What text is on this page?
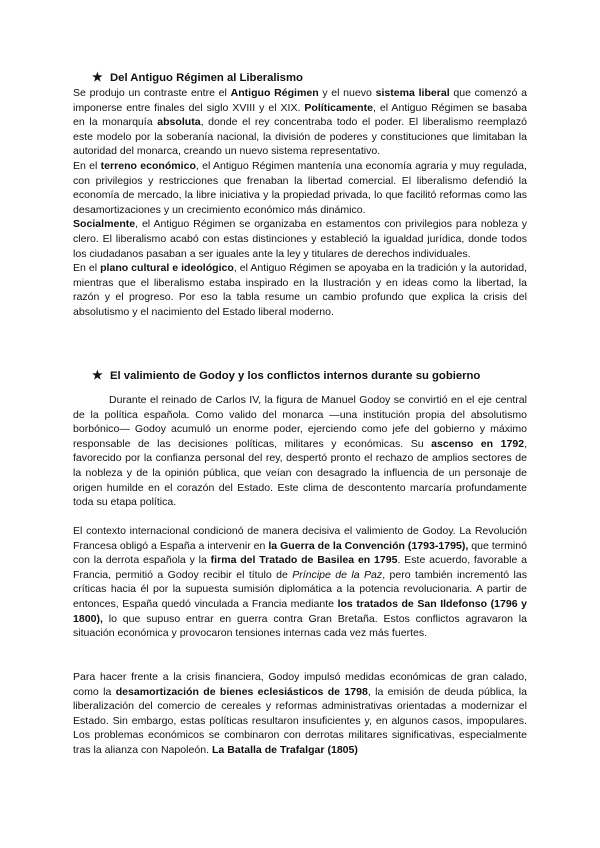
★ Del Antiguo Régimen al Liberalismo

Se produjo un contraste entre el Antiguo Régimen y el nuevo sistema liberal que comenzó a imponerse entre finales del siglo XVIII y el XIX. Políticamente, el Antiguo Régimen se basaba en la monarquía absoluta, donde el rey concentraba todo el poder. El liberalismo reemplazó este modelo por la soberanía nacional, la división de poderes y constituciones que limitaban la autoridad del monarca, creando un nuevo sistema representativo.

En el terreno económico, el Antiguo Régimen mantenía una economía agraria y muy regulada, con privilegios y restricciones que frenaban la libertad comercial. El liberalismo defendió la economía de mercado, la libre iniciativa y la propiedad privada, lo que facilitó reformas como las desamortizaciones y un crecimiento económico más dinámico.

Socialmente, el Antiguo Régimen se organizaba en estamentos con privilegios para nobleza y clero. El liberalismo acabó con estas distinciones y estableció la igualdad jurídica, donde todos los ciudadanos pasaban a ser iguales ante la ley y titulares de derechos individuales.

En el plano cultural e ideológico, el Antiguo Régimen se apoyaba en la tradición y la autoridad, mientras que el liberalismo estaba inspirado en la Ilustración y en ideas como la libertad, la razón y el progreso. Por eso la tabla resume un cambio profundo que explica la crisis del absolutismo y el nacimiento del Estado liberal moderno.

★ El valimiento de Godoy y los conflictos internos durante su gobierno

Durante el reinado de Carlos IV, la figura de Manuel Godoy se convirtió en el eje central de la política española. Como valido del monarca —una institución propia del absolutismo borbónico— Godoy acumuló un enorme poder, ejerciendo como jefe del gobierno y máximo responsable de las decisiones políticas, militares y económicas. Su ascenso en 1792, favorecido por la confianza personal del rey, despertó pronto el rechazo de amplios sectores de la nobleza y de la opinión pública, que veían con desagrado la influencia de un personaje de origen humilde en el corazón del Estado. Este clima de descontento marcaría profundamente toda su etapa política.

El contexto internacional condicionó de manera decisiva el valimiento de Godoy. La Revolución Francesa obligó a España a intervenir en la Guerra de la Convención (1793-1795), que terminó con la derrota española y la firma del Tratado de Basilea en 1795. Este acuerdo, favorable a Francia, permitió a Godoy recibir el título de Príncipe de la Paz, pero también incrementó las críticas hacia él por la supuesta sumisión diplomática a la potencia revolucionaria. A partir de entonces, España quedó vinculada a Francia mediante los tratados de San Ildefonso (1796 y 1800), lo que supuso entrar en guerra contra Gran Bretaña. Estos conflictos agravaron la situación económica y provocaron tensiones internas cada vez más fuertes.

Para hacer frente a la crisis financiera, Godoy impulsó medidas económicas de gran calado, como la desamortización de bienes eclesiásticos de 1798, la emisión de deuda pública, la liberalización del comercio de cereales y reformas administrativas orientadas a modernizar el Estado. Sin embargo, estas políticas resultaron insuficientes y, en algunos casos, impopulares. Los problemas económicos se combinaron con derrotas militares significativas, especialmente tras la alianza con Napoleón. La Batalla de Trafalgar (1805)
